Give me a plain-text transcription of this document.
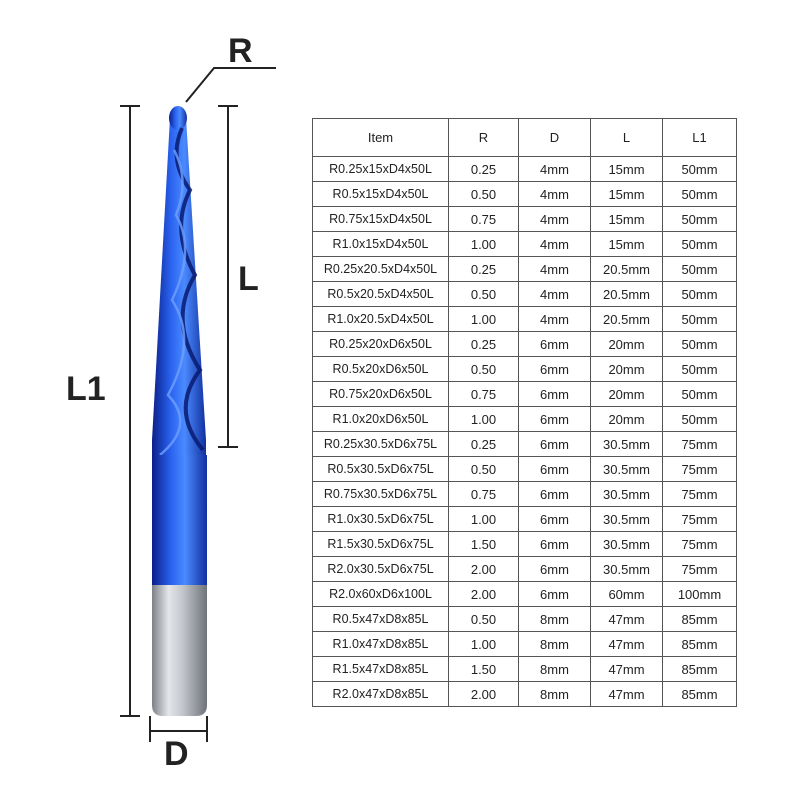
R
L
L1
D
Item	R	D	L	L1
R0.25x15xD4x50L	0.25	4mm	15mm	50mm
R0.5x15xD4x50L	0.50	4mm	15mm	50mm
R0.75x15xD4x50L	0.75	4mm	15mm	50mm
R1.0x15xD4x50L	1.00	4mm	15mm	50mm
R0.25x20.5xD4x50L	0.25	4mm	20.5mm	50mm
R0.5x20.5xD4x50L	0.50	4mm	20.5mm	50mm
R1.0x20.5xD4x50L	1.00	4mm	20.5mm	50mm
R0.25x20xD6x50L	0.25	6mm	20mm	50mm
R0.5x20xD6x50L	0.50	6mm	20mm	50mm
R0.75x20xD6x50L	0.75	6mm	20mm	50mm
R1.0x20xD6x50L	1.00	6mm	20mm	50mm
R0.25x30.5xD6x75L	0.25	6mm	30.5mm	75mm
R0.5x30.5xD6x75L	0.50	6mm	30.5mm	75mm
R0.75x30.5xD6x75L	0.75	6mm	30.5mm	75mm
R1.0x30.5xD6x75L	1.00	6mm	30.5mm	75mm
R1.5x30.5xD6x75L	1.50	6mm	30.5mm	75mm
R2.0x30.5xD6x75L	2.00	6mm	30.5mm	75mm
R2.0x60xD6x100L	2.00	6mm	60mm	100mm
R0.5x47xD8x85L	0.50	8mm	47mm	85mm
R1.0x47xD8x85L	1.00	8mm	47mm	85mm
R1.5x47xD8x85L	1.50	8mm	47mm	85mm
R2.0x47xD8x85L	2.00	8mm	47mm	85mm
